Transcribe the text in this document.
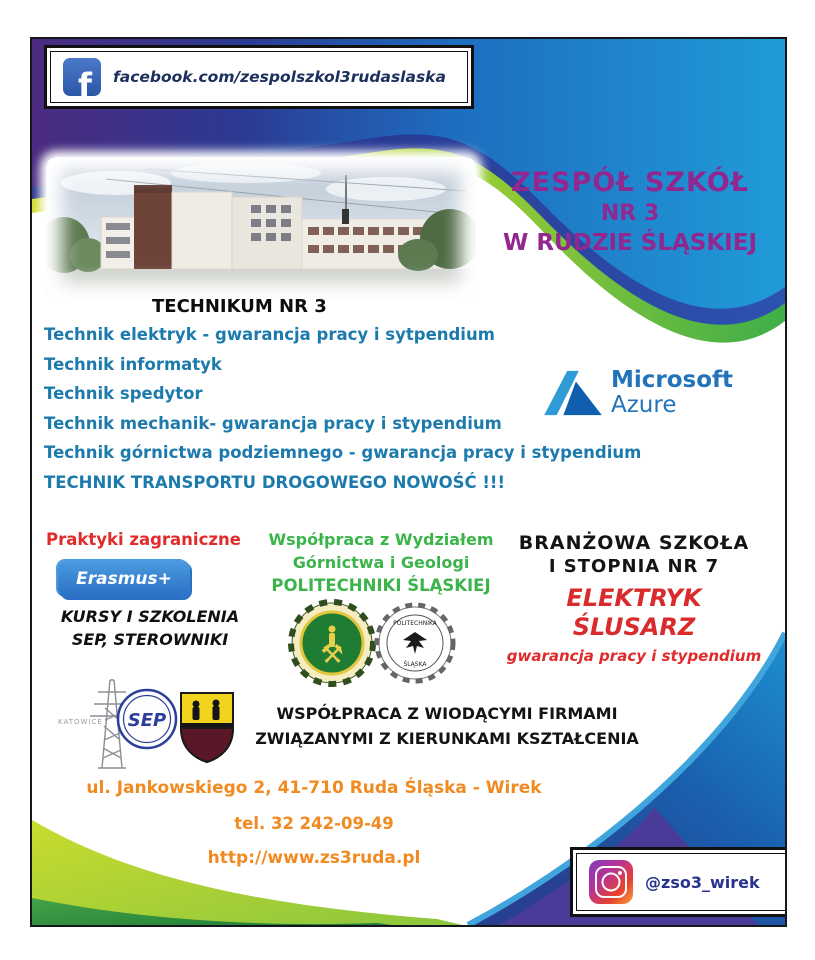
f facebook.com/zespolszkol3rudaslaska
ZESPÓŁ SZKÓŁ
NR 3
W RUDZIE ŚLĄSKIEJ
TECHNIKUM NR 3
Technik elektryk - gwarancja pracy i sytpendium
Technik informatyk
Technik spedytor
Technik mechanik- gwarancja pracy i stypendium
Technik górnictwa podziemnego - gwarancja pracy i stypendium
TECHNIK TRANSPORTU DROGOWEGO NOWOŚĆ !!!
Microsoft
Azure
Praktyki zagraniczne
Erasmus+
KURSY I SZKOLENIA
SEP, STEROWNIKI
Współpraca z Wydziałem
Górnictwa i Geologi
POLITECHNIKI ŚLĄSKIEJ
⚒
POLITECHNIKA
ŚLĄSKA
BRANŻOWA SZKOŁA
I STOPNIA NR 7
ELEKTRYK
ŚLUSARZ
gwarancja pracy i stypendium
KATOWICE SEP	WSPÓŁPRACA Z WIODĄCYMI FIRMAMI
ZWIĄZANYMI Z KIERUNKAMI KSZTAŁCENIA
ul. Jankowskiego 2, 41-710 Ruda Śląska - Wirek
tel. 32 242-09-49
http://www.zs3ruda.pl
@zso3_wirek
